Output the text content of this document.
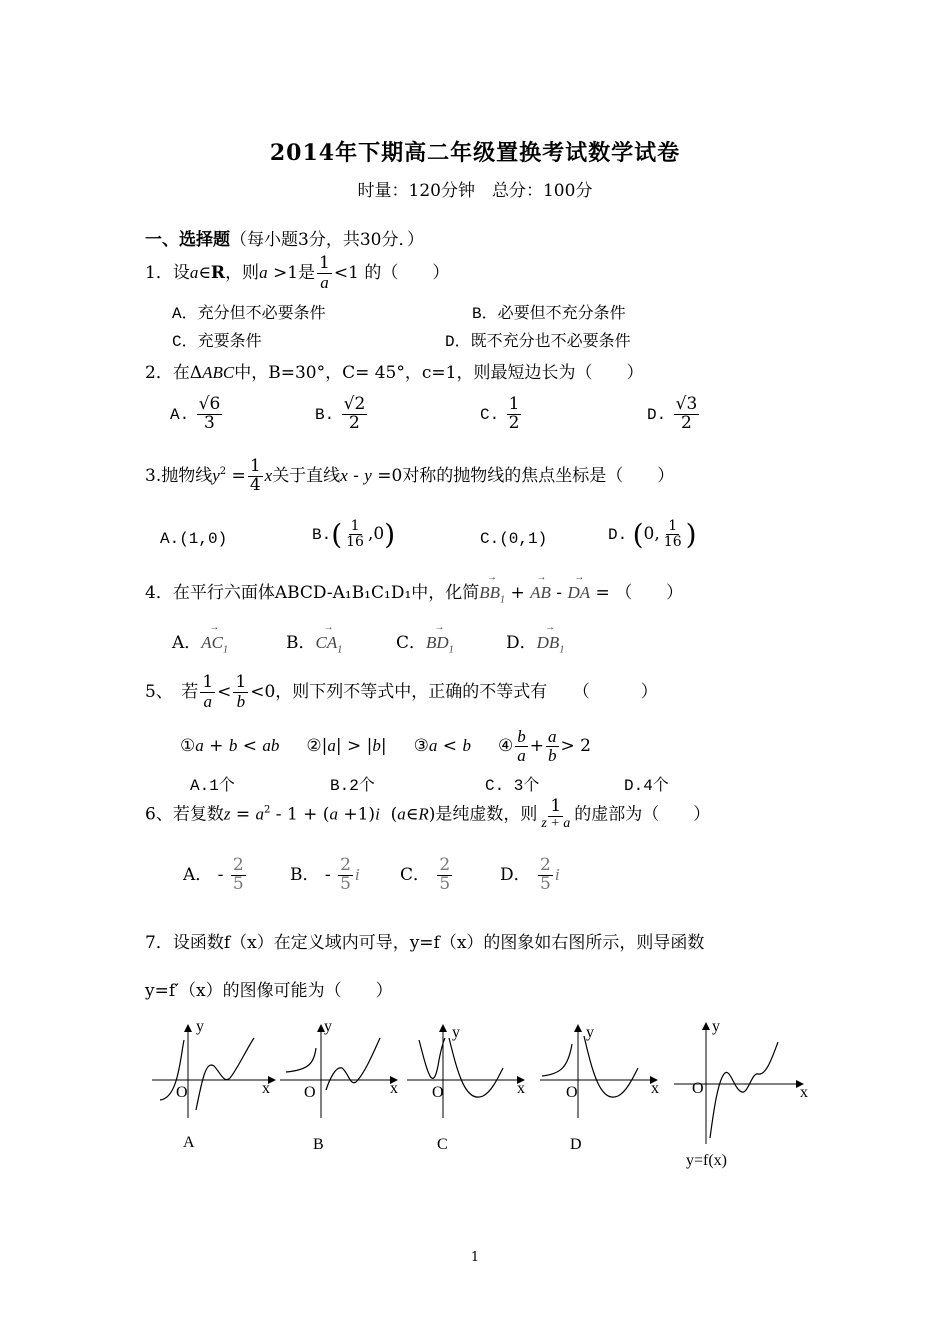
2014年下期高二年级置换考试数学试卷
时量：120分钟　总分：100分
一、选择题（每小题3分，共30分．）
1．设a∈R，则a >1是 $\frac{1}{a} <1$ 的（　　）
A．充分但不必要条件	B．必要但不充分条件
C．充要条件	D．既不充分也不必要条件
2．在ΔABC中，B=30°，C= 45°，c=1，则最短边长为（　　）
A. $\frac{√6}{3}$	B. $\frac{√2}{2}$	C. $\frac{1}{2}$	D. $\frac{√3}{2}$
3.抛物线$y^2 = \frac{1}{4}$ x关于直线x - y =0对称的抛物线的焦点坐标是（　　）
A.(1,0)	$B.( \frac{1}{16} ,0)$	C.(0,1)	D. (0, $\frac{1}{16}$ )
4．在平行六面体ABCD-A₁B₁C₁D₁中，化简→ $BB_1$ + → AB - → DA = （　　）
A．→ $AC_1$	B．→ $CA_1$	C．→ $BD_1$	D．→ $DB_1$
5、　若 $\frac{1}{a} < \frac{1}{b} <0$，则下列不等式中，正确的不等式有　　（　　　）
①a + b < ab ②|a| > |b|     ③a < b ④ $\frac{b}{a} + \frac{a}{b} > 2$
A.1个	B.2个	C. 3个	D.4个
6、若复数$z = a^2 - 1 + (a +1)i$  (a∈R)是纯虚数，则 $\frac{1}{z + a}$ 的虚部为（　　）
A． - $\frac{2}{5}$	B． - $\frac{2}{5}$ i C． $\frac{2}{5}$	D． $\frac{2}{5}$ i
7．设函数f（x）在定义域内可导，y=f（x）的图象如右图所示，则导函数
y=f′（x）的图像可能为（　　）
y
x
O
A
y
x
O
B
y
x
O
C
y
x
O
D
y
x
O
y=f(x)
1
